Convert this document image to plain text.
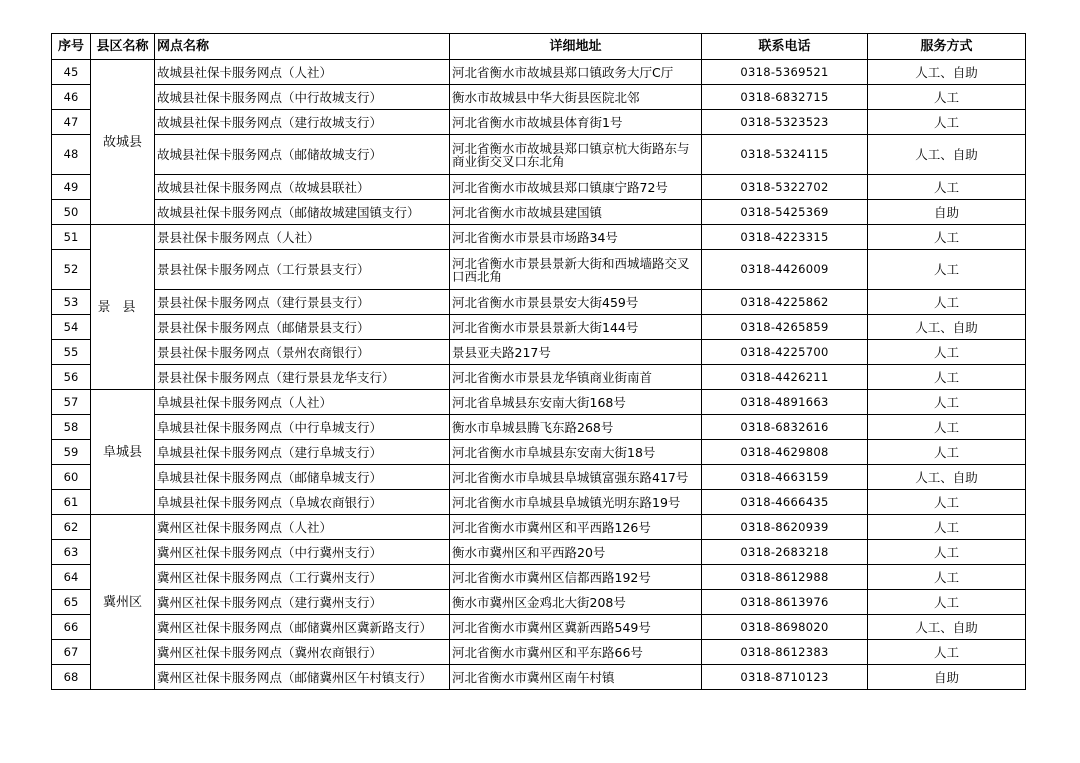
序号	县区名称	网点名称	详细地址	联系电话	服务方式
45	故城县	故城县社保卡服务网点（人社）	河北省衡水市故城县郑口镇政务大厅C厅	0318-5369521	人工、自助
46		故城县社保卡服务网点（中行故城支行）	衡水市故城县中华大街县医院北邻	0318-6832715	人工
47		故城县社保卡服务网点（建行故城支行）	河北省衡水市故城县体育街1号	0318-5323523	人工
48		故城县社保卡服务网点（邮储故城支行）	河北省衡水市故城县郑口镇京杭大街路东与商业街交叉口东北角	0318-5324115	人工、自助
49		故城县社保卡服务网点（故城县联社）	河北省衡水市故城县郑口镇康宁路72号	0318-5322702	人工
50		故城县社保卡服务网点（邮储故城建国镇支行）	河北省衡水市故城县建国镇	0318-5425369	自助
51	景县	景县社保卡服务网点（人社）	河北省衡水市景县市场路34号	0318-4223315	人工
52		景县社保卡服务网点（工行景县支行）	河北省衡水市景县景新大街和西城墙路交叉口西北角	0318-4426009	人工
53		景县社保卡服务网点（建行景县支行）	河北省衡水市景县景安大街459号	0318-4225862	人工
54		景县社保卡服务网点（邮储景县支行）	河北省衡水市景县景新大街144号	0318-4265859	人工、自助
55		景县社保卡服务网点（景州农商银行）	景县亚夫路217号	0318-4225700	人工
56		景县社保卡服务网点（建行景县龙华支行）	河北省衡水市景县龙华镇商业街南首	0318-4426211	人工
57	阜城县	阜城县社保卡服务网点（人社）	河北省阜城县东安南大街168号	0318-4891663	人工
58		阜城县社保卡服务网点（中行阜城支行）	衡水市阜城县腾飞东路268号	0318-6832616	人工
59		阜城县社保卡服务网点（建行阜城支行）	河北省衡水市阜城县东安南大街18号	0318-4629808	人工
60		阜城县社保卡服务网点（邮储阜城支行）	河北省衡水市阜城县阜城镇富强东路417号	0318-4663159	人工、自助
61		阜城县社保卡服务网点（阜城农商银行）	河北省衡水市阜城县阜城镇光明东路19号	0318-4666435	人工
62	冀州区	冀州区社保卡服务网点（人社）	河北省衡水市冀州区和平西路126号	0318-8620939	人工
63		冀州区社保卡服务网点（中行冀州支行）	衡水市冀州区和平西路20号	0318-2683218	人工
64		冀州区社保卡服务网点（工行冀州支行）	河北省衡水市冀州区信都西路192号	0318-8612988	人工
65		冀州区社保卡服务网点（建行冀州支行）	衡水市冀州区金鸡北大街208号	0318-8613976	人工
66		冀州区社保卡服务网点（邮储冀州区冀新路支行）	河北省衡水市冀州区冀新西路549号	0318-8698020	人工、自助
67		冀州区社保卡服务网点（冀州农商银行）	河北省衡水市冀州区和平东路66号	0318-8612383	人工
68		冀州区社保卡服务网点（邮储冀州区午村镇支行）	河北省衡水市冀州区南午村镇	0318-8710123	自助
